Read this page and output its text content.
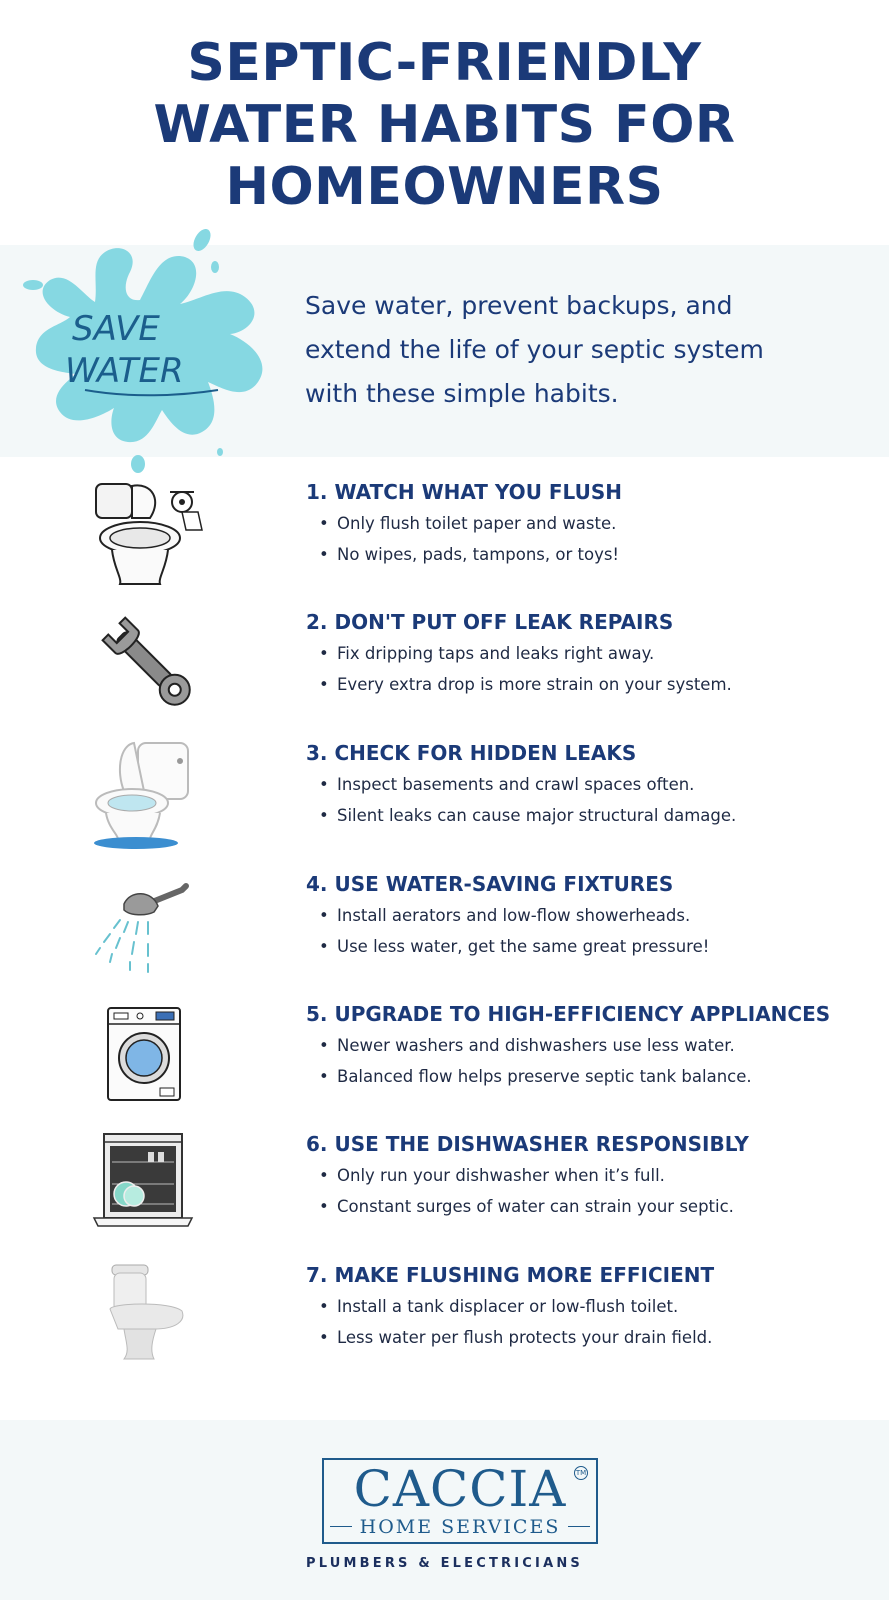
SEPTIC-FRIENDLY
WATER HABITS FOR
HOMEOWNERS
SAVE
WATER
Save water, prevent backups, and
extend the life of your septic system
with these simple habits.
1. WATCH WHAT YOU FLUSH
• Only flush toilet paper and waste.
• No wipes, pads, tampons, or toys!
2. DON'T PUT OFF LEAK REPAIRS
• Fix dripping taps and leaks right away.
• Every extra drop is more strain on your system.
3. CHECK FOR HIDDEN LEAKS
• Inspect basements and crawl spaces often.
• Silent leaks can cause major structural damage.
4. USE WATER-SAVING FIXTURES
• Install aerators and low-flow showerheads.
• Use less water, get the same great pressure!
5. UPGRADE TO HIGH-EFFICIENCY APPLIANCES
• Newer washers and dishwashers use less water.
• Balanced flow helps preserve septic tank balance.
6. USE THE DISHWASHER RESPONSIBLY
• Only run your dishwasher when it’s full.
• Constant surges of water can strain your septic.
7. MAKE FLUSHING MORE EFFICIENT
• Install a tank displacer or low-flush toilet.
• Less water per flush protects your drain field.
CACCIA	TM
HOME SERVICES
PLUMBERS & ELECTRICIANS
